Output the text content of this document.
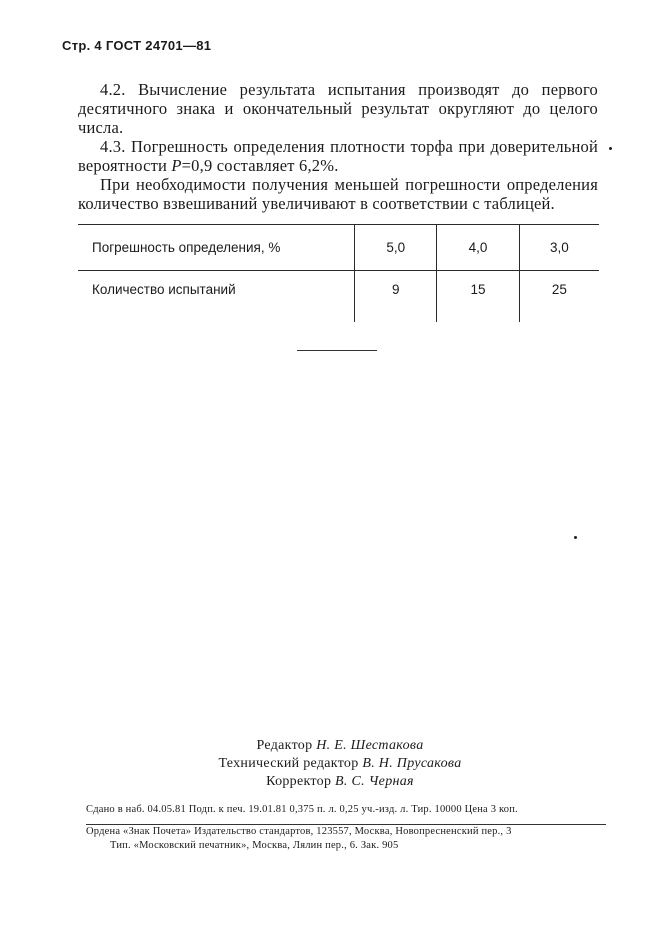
Стр. 4 ГОСТ 24701—81

4.2. Вычисление результата испытания производят до первого десятичного знака и окончательный результат округляют до целого числа.

4.3. Погрешность определения плотности торфа при доверительной вероятности P=0,9 составляет 6,2%.

При необходимости получения меньшей погрешности определения количество взвешиваний увеличивают в соответствии с таблицей.

Погрешность определения, %	5,0	4,0	3,0
Количество испытаний	9	15	25
Редактор Н. Е. Шестакова
Технический редактор В. Н. Прусакова
Корректор В. С. Черная
Сдано в наб. 04.05.81 Подп. к печ. 19.01.81 0,375 п. л. 0,25 уч.-изд. л. Тир. 10000 Цена 3 коп.
Ордена «Знак Почета» Издательство стандартов, 123557, Москва, Новопресненский пер., 3
Тип. «Московский печатник», Москва, Лялин пер., 6. Зак. 905
